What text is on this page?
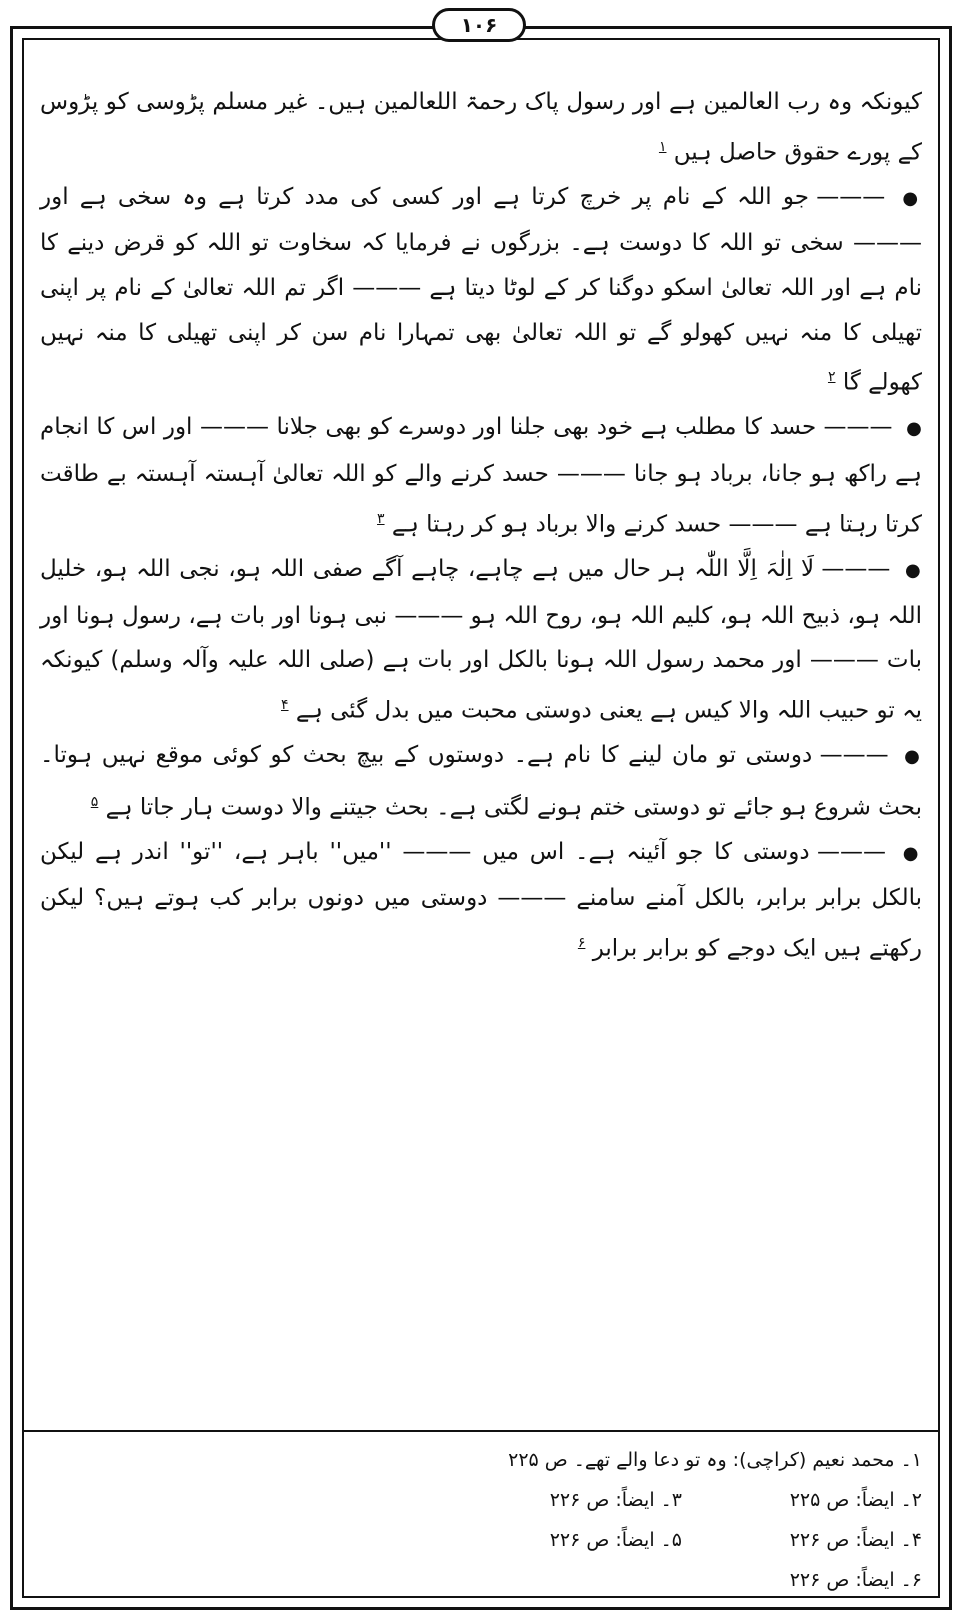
۱۰۶

کیونکہ وہ رب العالمین ہے اور رسول پاک رحمۃ اللعالمین ہیں۔ غیر مسلم پڑوسی کو پڑوس کے پورے حقوق حاصل ہیں $^۱$

● ——— جو اللہ کے نام پر خرچ کرتا ہے اور کسی کی مدد کرتا ہے وہ سخی ہے اور ——— سخی تو اللہ کا دوست ہے۔ بزرگوں نے فرمایا کہ سخاوت تو اللہ کو قرض دینے کا نام ہے اور اللہ تعالیٰ اسکو دوگنا کر کے لوٹا دیتا ہے ——— اگر تم اللہ تعالیٰ کے نام پر اپنی تھیلی کا منہ نہیں کھولو گے تو اللہ تعالیٰ بھی تمہارا نام سن کر اپنی تھیلی کا منہ نہیں کھولے گا $^۲$

● ——— حسد کا مطلب ہے خود بھی جلنا اور دوسرے کو بھی جلانا ——— اور اس کا انجام ہے راکھ ہو جانا، برباد ہو جانا ——— حسد کرنے والے کو اللہ تعالیٰ آہستہ آہستہ بے طاقت کرتا رہتا ہے ——— حسد کرنے والا برباد ہو کر رہتا ہے $^۳$

● ——— لَا اِلٰہَ اِلَّا اللّٰہ ہر حال میں ہے چاہے، چاہے آگے صفی اللہ ہو، نجی اللہ ہو، خلیل اللہ ہو، ذبیح اللہ ہو، کلیم اللہ ہو، روح اللہ ہو ——— نبی ہونا اور بات ہے، رسول ہونا اور بات ——— اور محمد رسول اللہ ہونا بالکل اور بات ہے (صلی اللہ علیہ وآلہ وسلم) کیونکہ یہ تو حبیب اللہ والا کیس ہے یعنی دوستی محبت میں بدل گئی ہے $^۴$

● ——— دوستی تو مان لینے کا نام ہے۔ دوستوں کے بیچ بحث کو کوئی موقع نہیں ہوتا۔ بحث شروع ہو جائے تو دوستی ختم ہونے لگتی ہے۔ بحث جیتنے والا دوست ہار جاتا ہے $^۵$

● ——— دوستی کا جو آئینہ ہے۔ اس میں ——— ''میں'' باہر ہے، ''تو'' اندر ہے لیکن بالکل برابر برابر، بالکل آمنے سامنے ——— دوستی میں دونوں برابر کب ہوتے ہیں؟ لیکن رکھتے ہیں ایک دوجے کو برابر برابر $^۶$

۱۔ محمد نعیم (کراچی): وہ تو دعا والے تھے۔ ص ۲۲۵
۲۔ ایضاً: ص ۲۲۵
۳۔ ایضاً: ص ۲۲۶
۴۔ ایضاً: ص ۲۲۶
۵۔ ایضاً: ص ۲۲۶
۶۔ ایضاً: ص ۲۲۶
